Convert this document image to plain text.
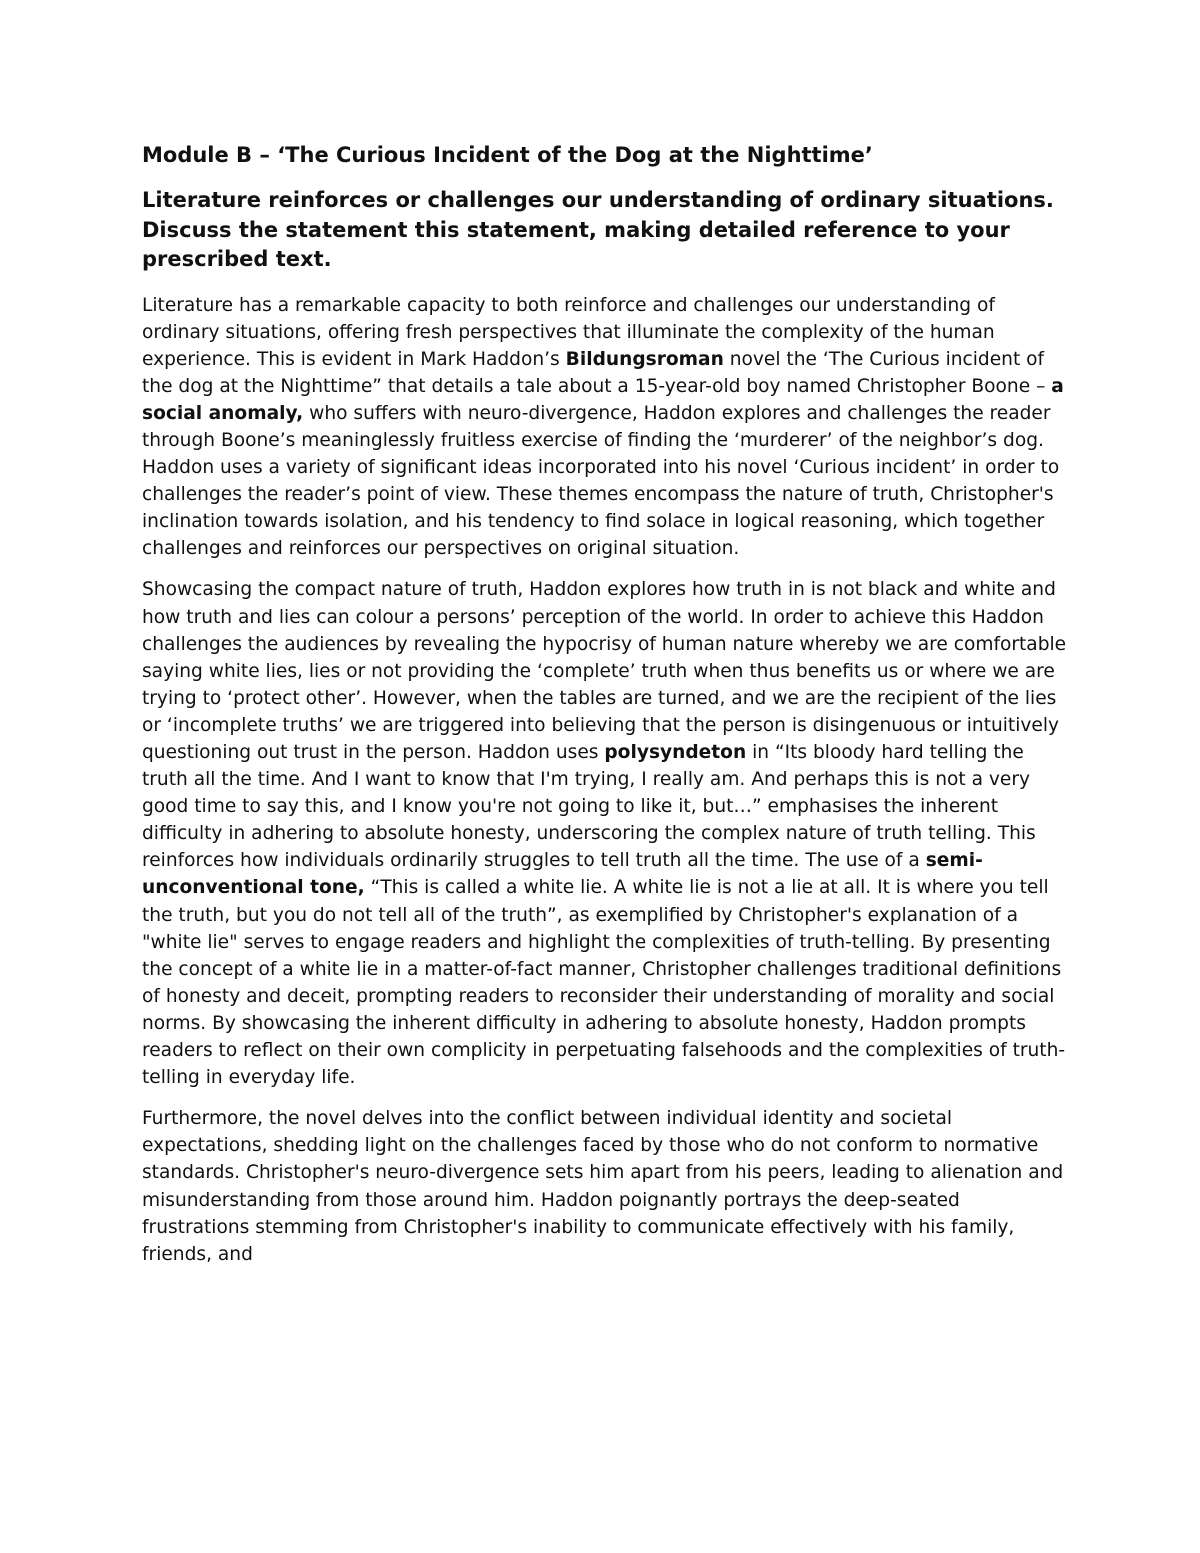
Module B – ‘The Curious Incident of the Dog at the Nighttime’
Literature reinforces or challenges our understanding of ordinary situations. Discuss the statement this statement, making detailed reference to your prescribed text.

Literature has a remarkable capacity to both reinforce and challenges our understanding of ordinary situations, offering fresh perspectives that illuminate the complexity of the human experience. This is evident in Mark Haddon’s Bildungsroman novel the ‘The Curious incident of the dog at the Nighttime” that details a tale about a 15-year-old boy named Christopher Boone – a social anomaly, who suffers with neuro-divergence, Haddon explores and challenges the reader through Boone’s meaninglessly fruitless exercise of finding the ‘murderer’ of the neighbor’s dog. Haddon uses a variety of significant ideas incorporated into his novel ‘Curious incident’ in order to challenges the reader’s point of view. These themes encompass the nature of truth, Christopher's inclination towards isolation, and his tendency to find solace in logical reasoning, which together challenges and reinforces our perspectives on original situation.

Showcasing the compact nature of truth, Haddon explores how truth in is not black and white and how truth and lies can colour a persons’ perception of the world. In order to achieve this Haddon challenges the audiences by revealing the hypocrisy of human nature whereby we are comfortable saying white lies, lies or not providing the ‘complete’ truth when thus benefits us or where we are trying to ‘protect other’. However, when the tables are turned, and we are the recipient of the lies or ‘incomplete truths’ we are triggered into believing that the person is disingenuous or intuitively questioning out trust in the person. Haddon uses polysyndeton in “Its bloody hard telling the truth all the time. And I want to know that I'm trying, I really am. And perhaps this is not a very good time to say this, and I know you're not going to like it, but…” emphasises the inherent difficulty in adhering to absolute honesty, underscoring the complex nature of truth telling. This reinforces how individuals ordinarily struggles to tell truth all the time. The use of a semi-unconventional tone, “This is called a white lie. A white lie is not a lie at all. It is where you tell the truth, but you do not tell all of the truth”, as exemplified by Christopher's explanation of a "white lie" serves to engage readers and highlight the complexities of truth-telling. By presenting the concept of a white lie in a matter-of-fact manner, Christopher challenges traditional definitions of honesty and deceit, prompting readers to reconsider their understanding of morality and social norms. By showcasing the inherent difficulty in adhering to absolute honesty, Haddon prompts readers to reflect on their own complicity in perpetuating falsehoods and the complexities of truth-telling in everyday life.

Furthermore, the novel delves into the conflict between individual identity and societal expectations, shedding light on the challenges faced by those who do not conform to normative standards. Christopher's neuro-divergence sets him apart from his peers, leading to alienation and misunderstanding from those around him. Haddon poignantly portrays the deep-seated frustrations stemming from Christopher's inability to communicate effectively with his family, friends, and
